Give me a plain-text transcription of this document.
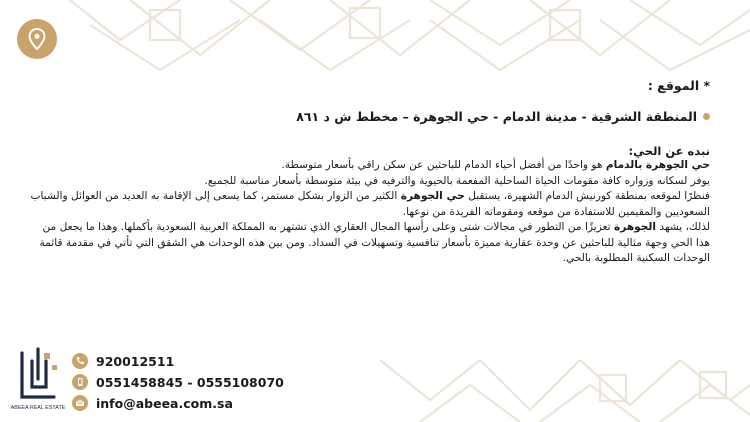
* الموقع :
المنطقة الشرقية - مدينة الدمام - حي الجوهرة – مخطط ش د ٨٦١
نبده عن الحي:
حي الجوهرة بالدمام هو واحدًا من أفضل أحياء الدمام للباحثين عن سكن راقي بأسعار متوسطة.
يوفر لسكانه وزواره كافة مقومات الحياة الساحلية المفعمة بالحيوية والترفيه في بيئة متوسطة بأسعار مناسبة للجميع.
فنظرًا لموقعه بمنطقة كورنيش الدمام الشهيرة، يستقبل حي الجوهرة الكثير من الزوار بشكل مستمر، كما يسعى إلى الإقامة به العديد من العوائل والشباب السعوديين والمقيمين للاستفادة من موقعه ومقوماته الفريدة من نوعها.
لذلك، يشهد الجوهرة تعزيزًا من التطور في مجالات شتى وعلى رأسها المجال العقاري الذي تشتهر به المملكة العربية السعودية بأكملها. وهذا ما يجعل من هذا الحي وجهة مثالية للباحثين عن وحدة عقارية مميزة بأسعار تنافسية وتسهيلات في السداد. ومن بين هذه الوحدات هي الشقق التي تأتي في مقدمة قائمة الوحدات السكنية المطلوبة بالحي.
ABEEA REAL ESTATE
920012511
0551458845 - 0555108070
info@abeea.com.sa
